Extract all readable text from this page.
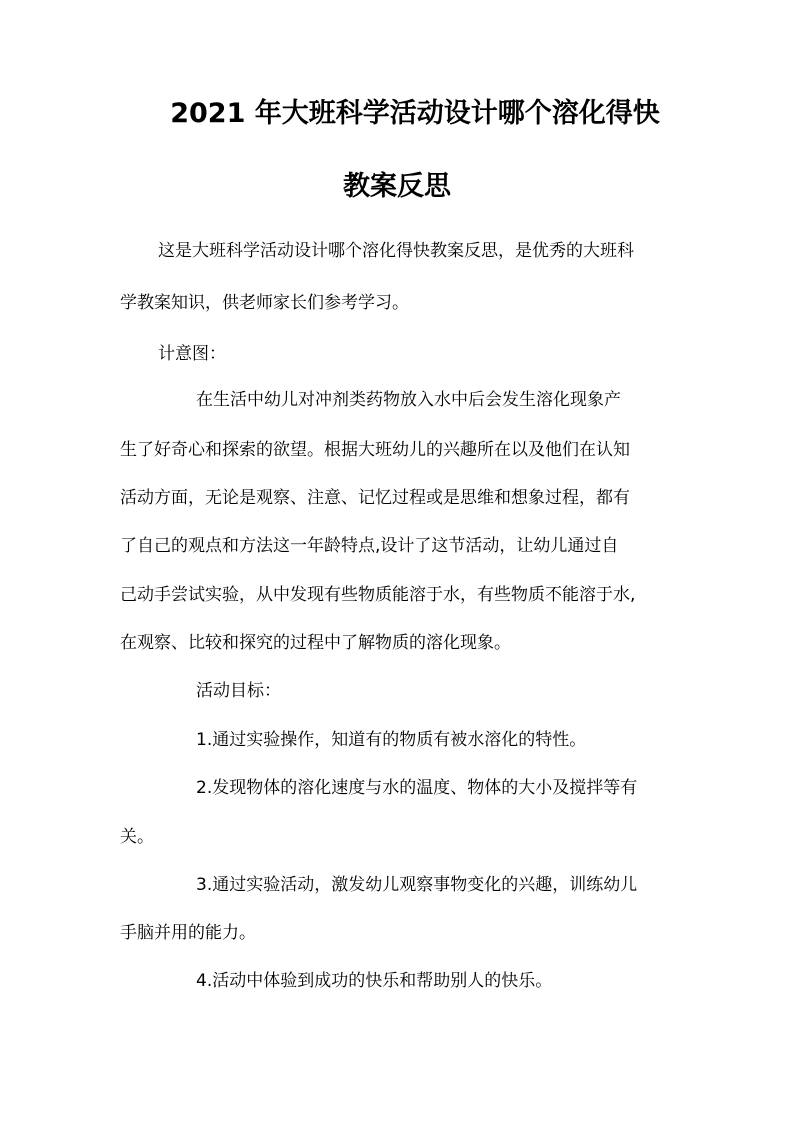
2021 年大班科学活动设计哪个溶化得快
教案反思
这是大班科学活动设计哪个溶化得快教案反思，是优秀的大班科
学教案知识，供老师家长们参考学习。
计意图：
在生活中幼儿对冲剂类药物放入水中后会发生溶化现象产
生了好奇心和探索的欲望。根据大班幼儿的兴趣所在以及他们在认知
活动方面，无论是观察、注意、记忆过程或是思维和想象过程，都有
了自己的观点和方法这一年龄特点,设计了这节活动，让幼儿通过自
己动手尝试实验，从中发现有些物质能溶于水，有些物质不能溶于水,
在观察、比较和探究的过程中了解物质的溶化现象。
活动目标：
1.通过实验操作，知道有的物质有被水溶化的特性。
2.发现物体的溶化速度与水的温度、物体的大小及搅拌等有
关。
3.通过实验活动，激发幼儿观察事物变化的兴趣，训练幼儿
手脑并用的能力。
4.活动中体验到成功的快乐和帮助别人的快乐。
